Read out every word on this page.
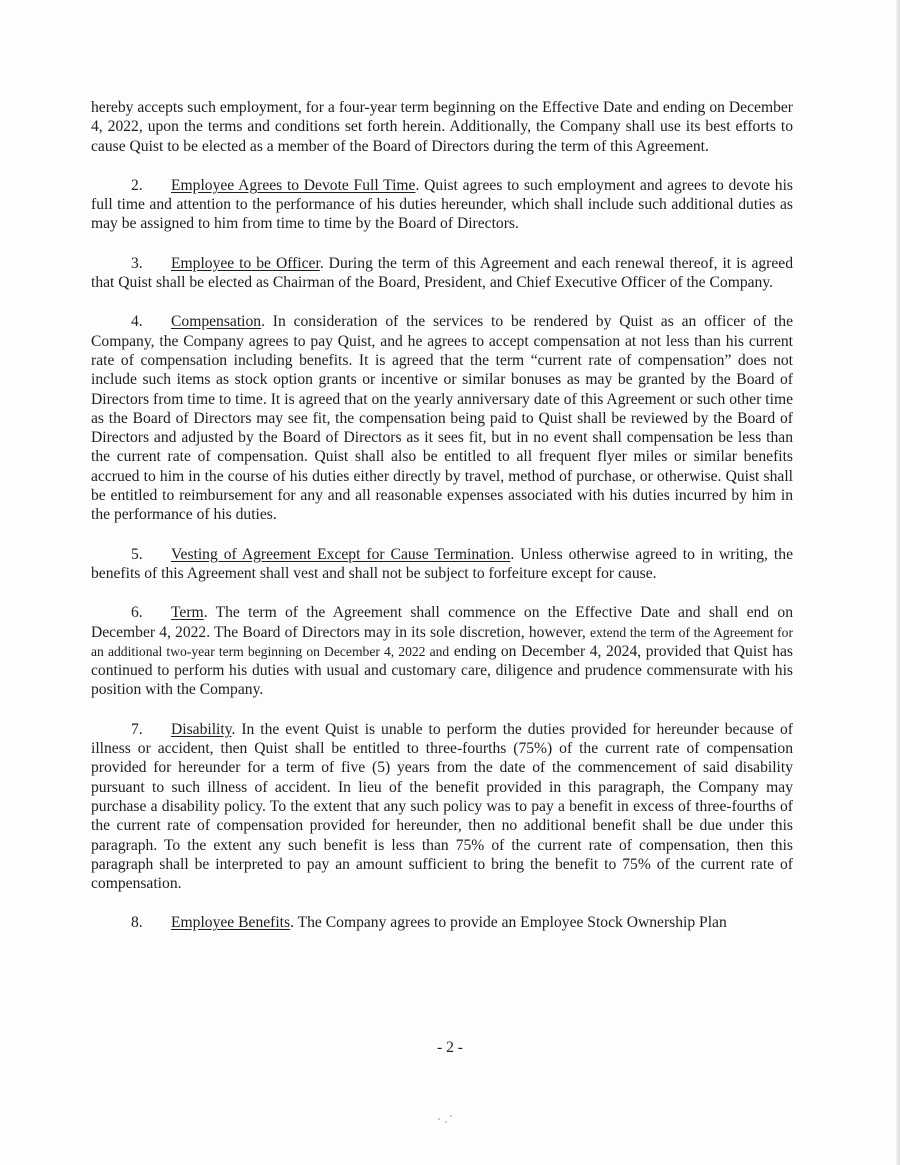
hereby accepts such employment, for a four-year term beginning on the Effective Date and ending on December 4, 2022, upon the terms and conditions set forth herein. Additionally, the Company shall use its best efforts to cause Quist to be elected as a member of the Board of Directors during the term of this Agreement.

2. Employee Agrees to Devote Full Time. Quist agrees to such employment and agrees to devote his full time and attention to the performance of his duties hereunder, which shall include such additional duties as may be assigned to him from time to time by the Board of Directors.

3. Employee to be Officer. During the term of this Agreement and each renewal thereof, it is agreed that Quist shall be elected as Chairman of the Board, President, and Chief Executive Officer of the Company.

4. Compensation. In consideration of the services to be rendered by Quist as an officer of the Company, the Company agrees to pay Quist, and he agrees to accept compensation at not less than his current rate of compensation including benefits. It is agreed that the term “current rate of compensation” does not include such items as stock option grants or incentive or similar bonuses as may be granted by the Board of Directors from time to time. It is agreed that on the yearly anniversary date of this Agreement or such other time as the Board of Directors may see fit, the compensation being paid to Quist shall be reviewed by the Board of Directors and adjusted by the Board of Directors as it sees fit, but in no event shall compensation be less than the current rate of compensation. Quist shall also be entitled to all frequent flyer miles or similar benefits accrued to him in the course of his duties either directly by travel, method of purchase, or otherwise. Quist shall be entitled to reimbursement for any and all reasonable expenses associated with his duties incurred by him in the performance of his duties.

5. Vesting of Agreement Except for Cause Termination. Unless otherwise agreed to in writing, the benefits of this Agreement shall vest and shall not be subject to forfeiture except for cause.

6. Term. The term of the Agreement shall commence on the Effective Date and shall end on December 4, 2022. The Board of Directors may in its sole discretion, however, extend the term of the Agreement for an additional two-year term beginning on December 4, 2022 and ending on December 4, 2024, provided that Quist has continued to perform his duties with usual and customary care, diligence and prudence commensurate with his position with the Company.

7. Disability. In the event Quist is unable to perform the duties provided for hereunder because of illness or accident, then Quist shall be entitled to three-fourths (75%) of the current rate of compensation provided for hereunder for a term of five (5) years from the date of the commencement of said disability pursuant to such illness of accident. In lieu of the benefit provided in this paragraph, the Company may purchase a disability policy. To the extent that any such policy was to pay a benefit in excess of three-fourths of the current rate of compensation provided for hereunder, then no additional benefit shall be due under this paragraph. To the extent any such benefit is less than 75% of the current rate of compensation, then this paragraph shall be interpreted to pay an amount sufficient to bring the benefit to 75% of the current rate of compensation.

8. Employee Benefits. The Company agrees to provide an Employee Stock Ownership Plan

- 2 -
